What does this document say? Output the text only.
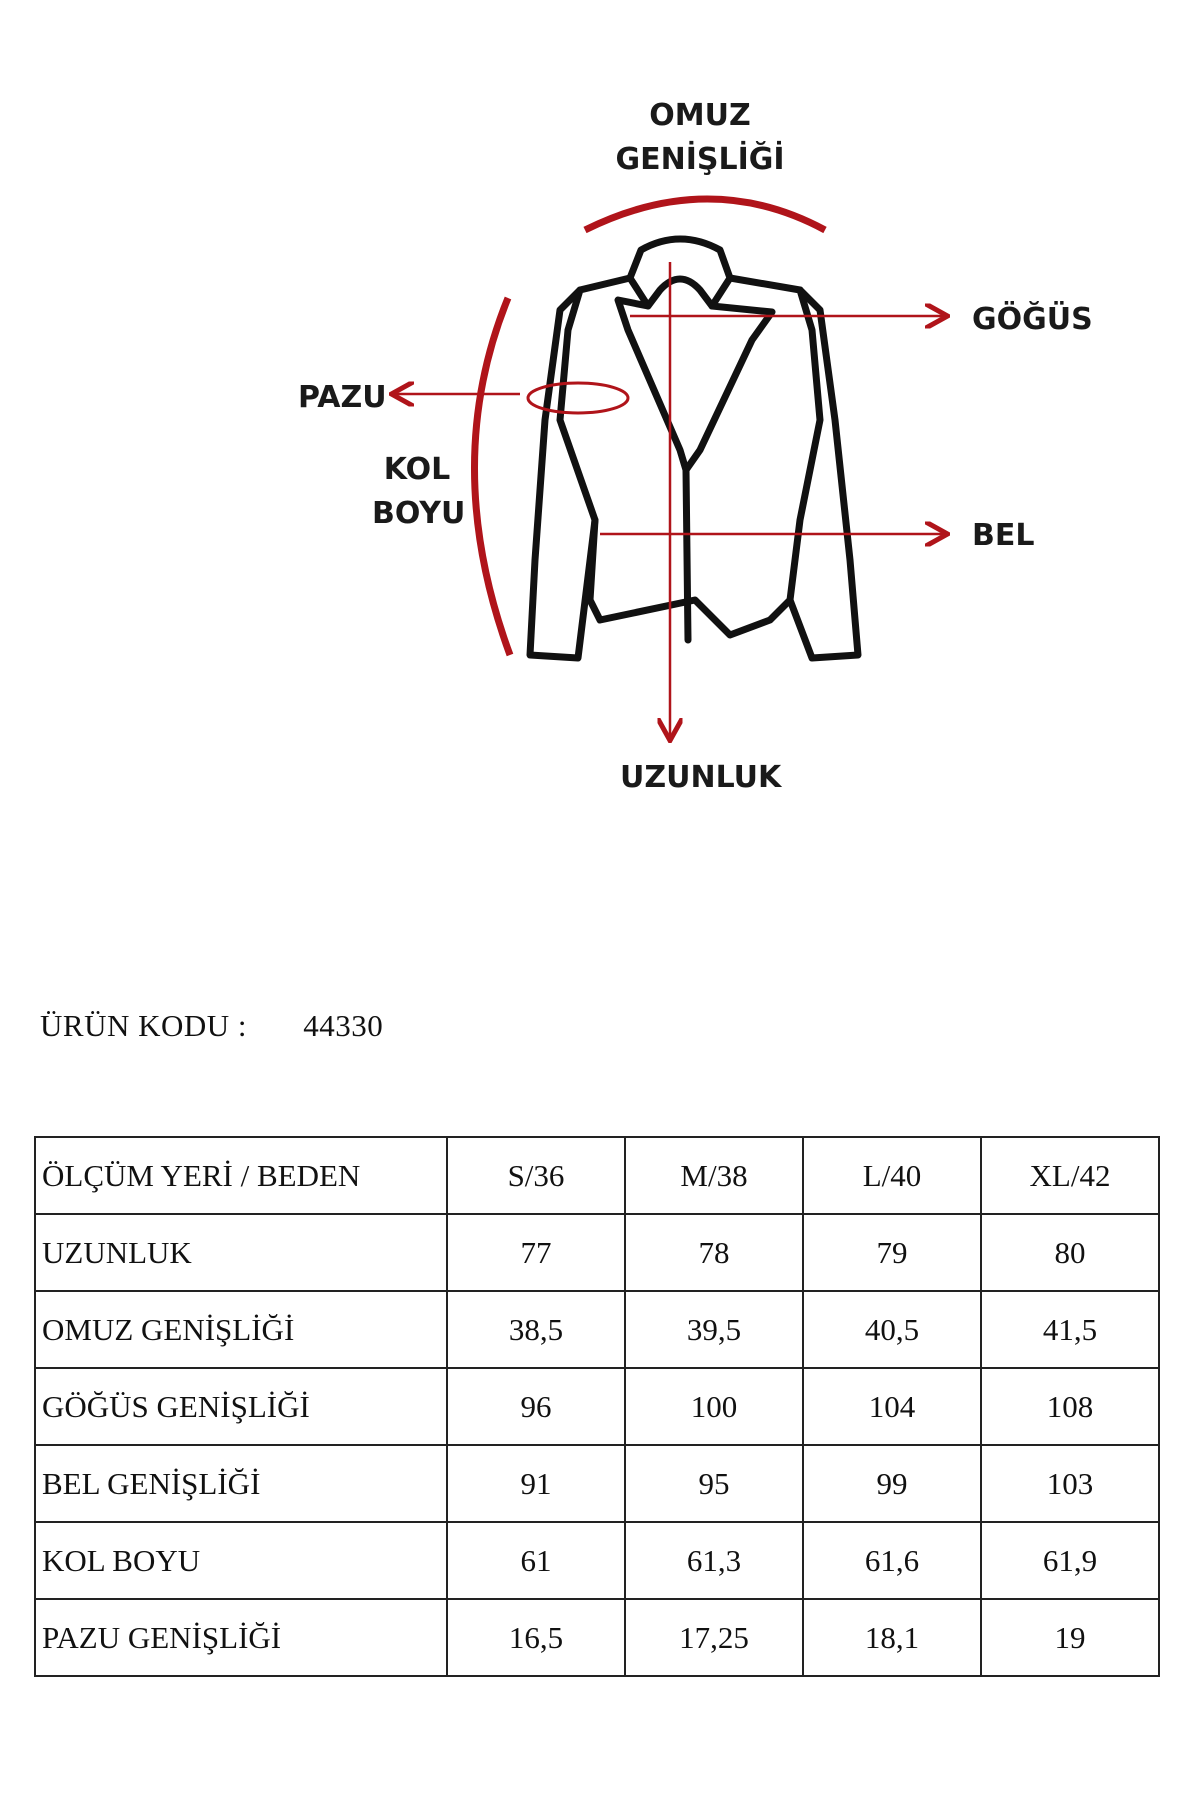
OMUZ
GENİŞLİĞİ
GÖĞÜS
PAZU
KOL
BOYU
BEL
UZUNLUK
ÜRÜN KODU : 44330
ÖLÇÜM YERİ / BEDEN	S/36	M/38	L/40	XL/42
UZUNLUK	77	78	79	80
OMUZ GENİŞLİĞİ	38,5	39,5	40,5	41,5
GÖĞÜS GENİŞLİĞİ	96	100	104	108
BEL GENİŞLİĞİ	91	95	99	103
KOL BOYU	61	61,3	61,6	61,9
PAZU GENİŞLİĞİ	16,5	17,25	18,1	19
